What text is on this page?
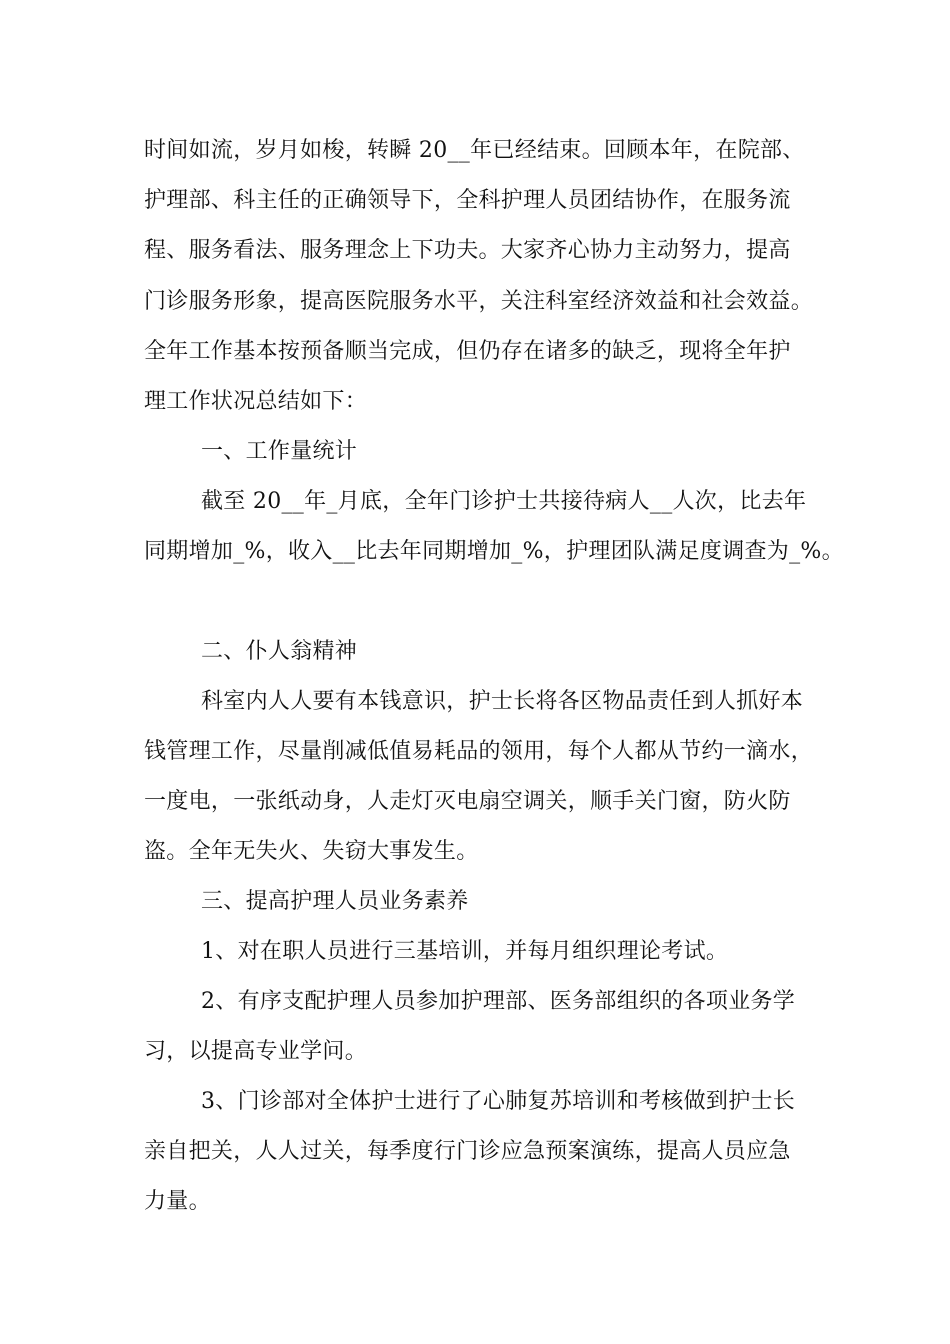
时间如流，岁月如梭，转瞬 20__年已经结束。回顾本年，在院部、
护理部、科主任的正确领导下，全科护理人员团结协作，在服务流
程、服务看法、服务理念上下功夫。大家齐心协力主动努力，提高
门诊服务形象，提高医院服务水平，关注科室经济效益和社会效益。
全年工作基本按预备顺当完成，但仍存在诸多的缺乏，现将全年护
理工作状况总结如下：
一、工作量统计
截至 20__年_月底，全年门诊护士共接待病人__人次，比去年
同期增加_%，收入__比去年同期增加_%，护理团队满足度调查为_%。
二、仆人翁精神
科室内人人要有本钱意识，护士长将各区物品责任到人抓好本
钱管理工作，尽量削减低值易耗品的领用，每个人都从节约一滴水，
一度电，一张纸动身，人走灯灭电扇空调关，顺手关门窗，防火防
盗。全年无失火、失窃大事发生。
三、提高护理人员业务素养
1、对在职人员进行三基培训，并每月组织理论考试。
2、有序支配护理人员参加护理部、医务部组织的各项业务学
习，以提高专业学问。
3、门诊部对全体护士进行了心肺复苏培训和考核做到护士长
亲自把关，人人过关，每季度行门诊应急预案演练，提高人员应急
力量。
